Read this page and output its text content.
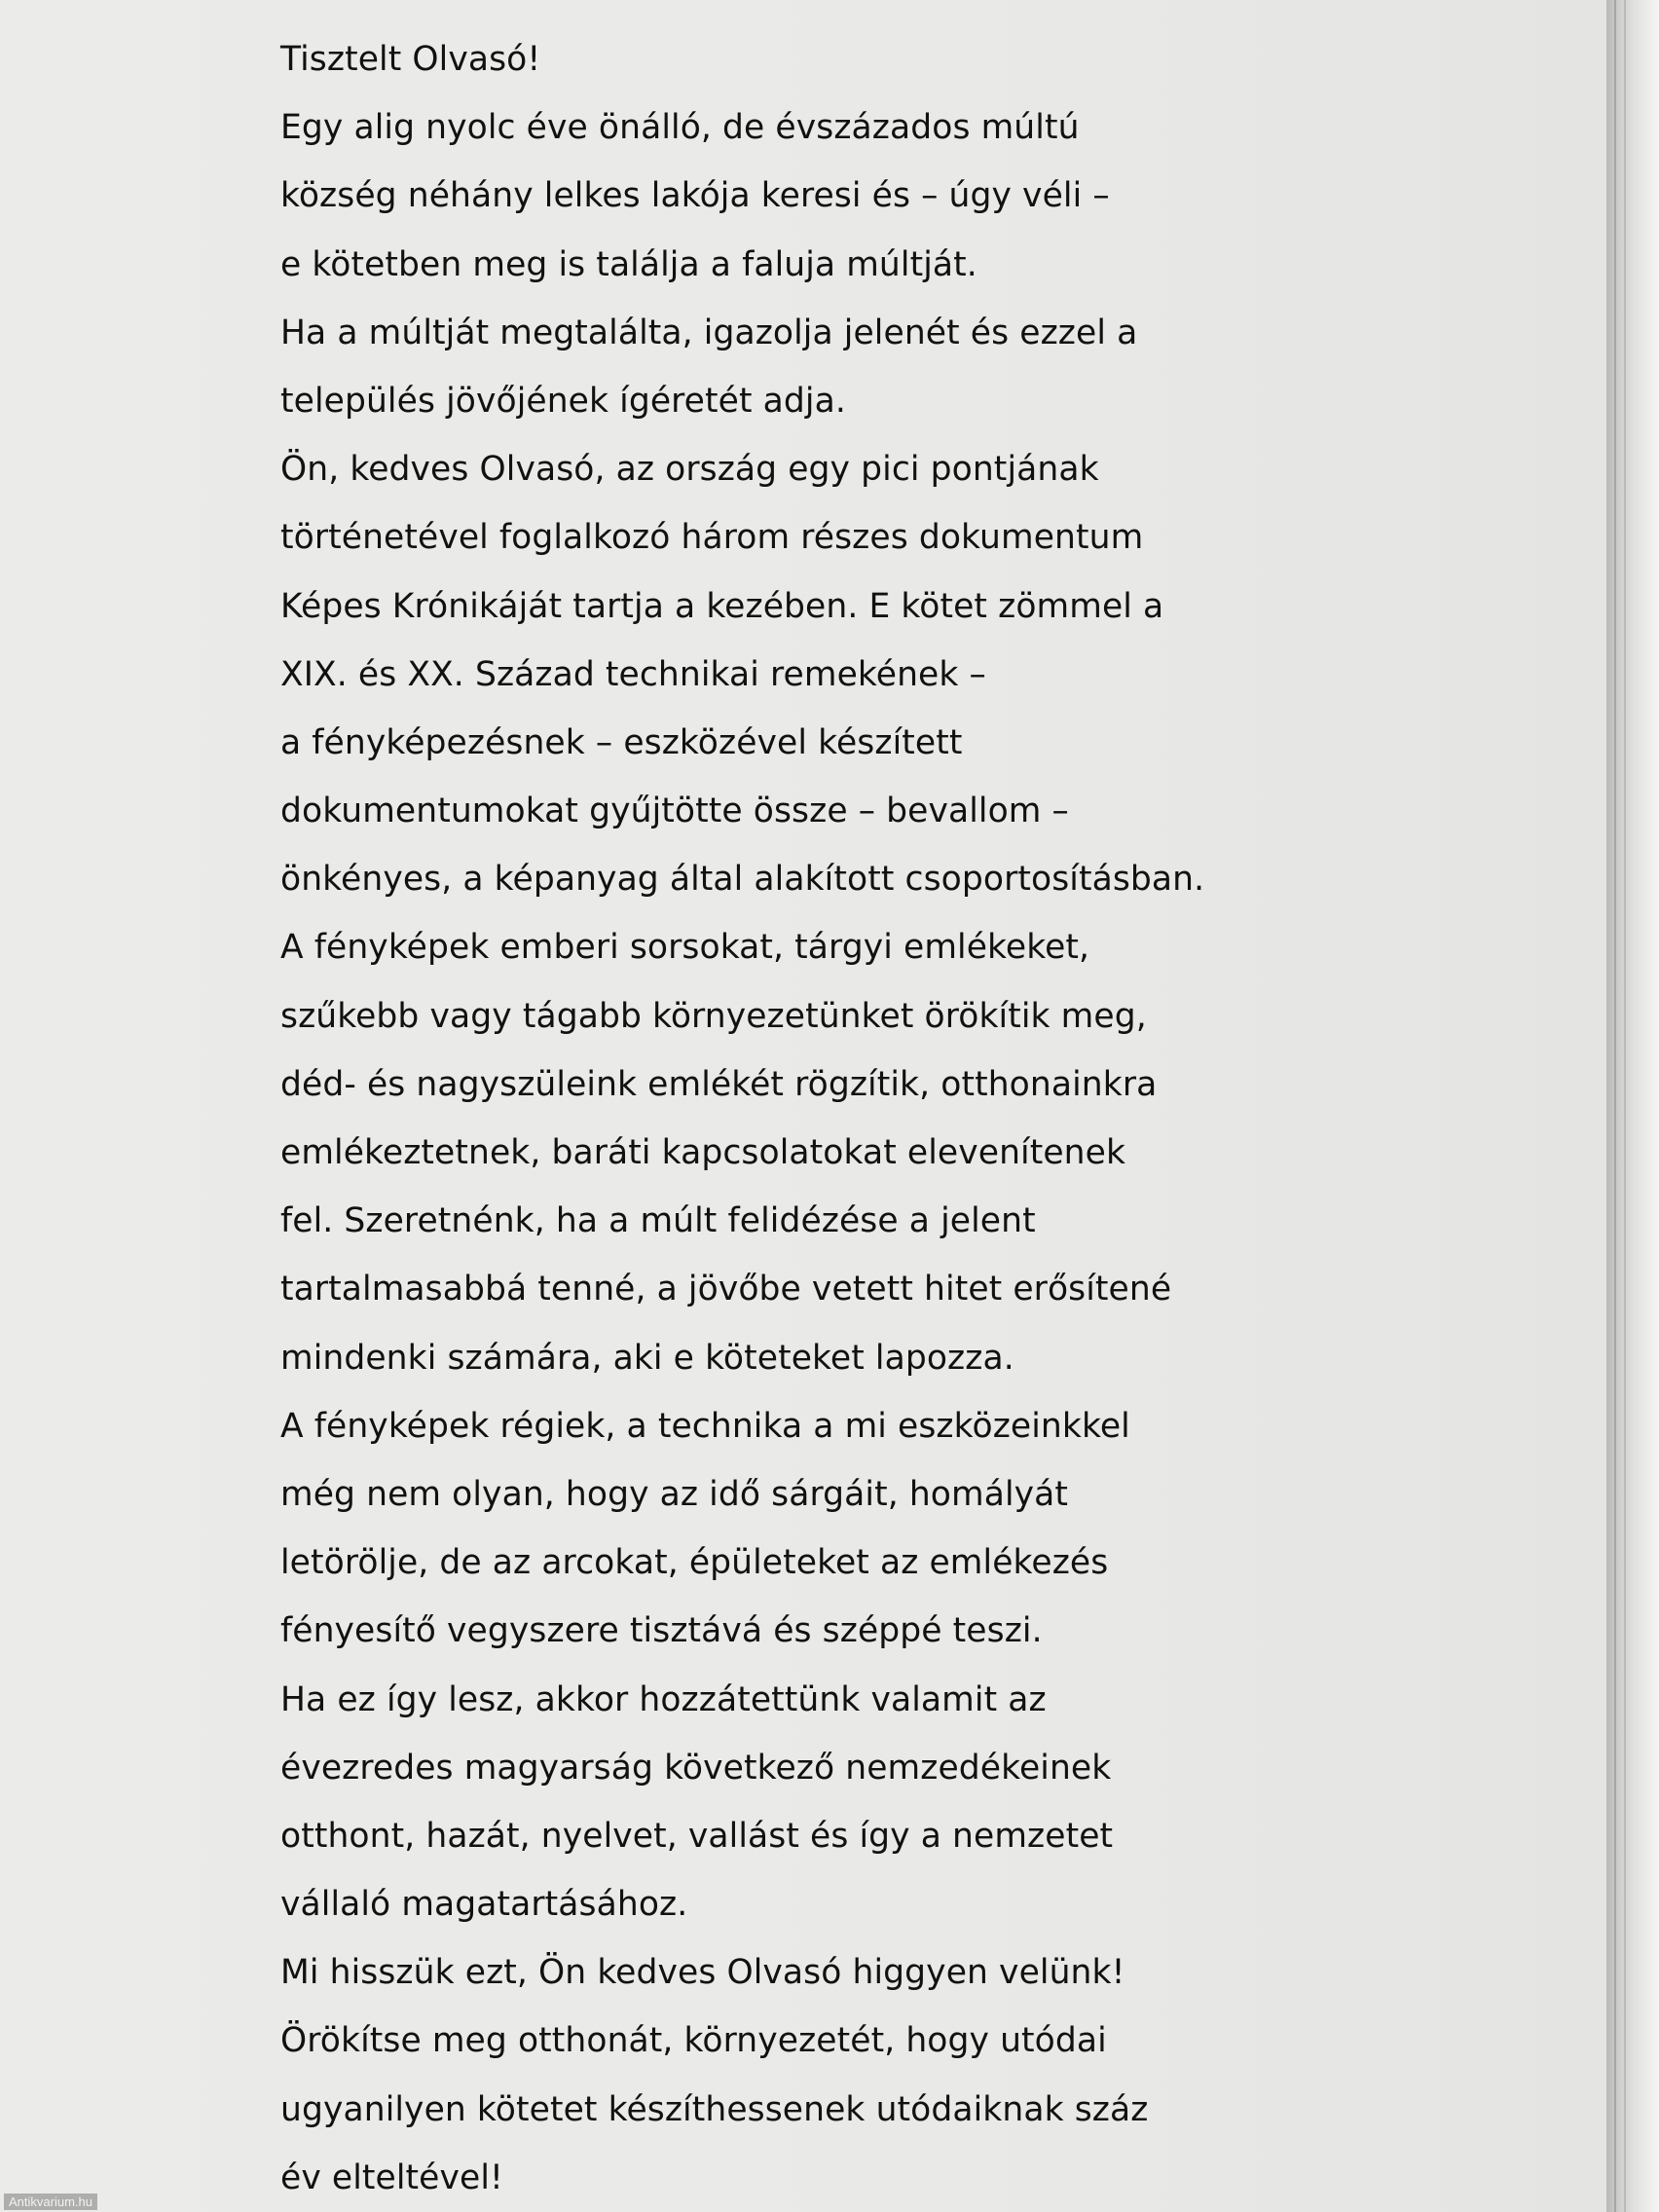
Tisztelt Olvasó!
Egy alig nyolc éve önálló, de évszázados múltú
község néhány lelkes lakója keresi és – úgy véli –
e kötetben meg is találja a faluja múltját.
Ha a múltját megtalálta, igazolja jelenét és ezzel a
település jövőjének ígéretét adja.
Ön, kedves Olvasó, az ország egy pici pontjának
történetével foglalkozó három részes dokumentum
Képes Krónikáját tartja a kezében. E kötet zömmel a
XIX. és XX. Század technikai remekének –
a fényképezésnek – eszközével készített
dokumentumokat gyűjtötte össze – bevallom –
önkényes, a képanyag által alakított csoportosításban.
A fényképek emberi sorsokat, tárgyi emlékeket,
szűkebb vagy tágabb környezetünket örökítik meg,
déd- és nagyszüleink emlékét rögzítik, otthonainkra
emlékeztetnek, baráti kapcsolatokat elevenítenek
fel. Szeretnénk, ha a múlt felidézése a jelent
tartalmasabbá tenné, a jövőbe vetett hitet erősítené
mindenki számára, aki e köteteket lapozza.
A fényképek régiek, a technika a mi eszközeinkkel
még nem olyan, hogy az idő sárgáit, homályát
letörölje, de az arcokat, épületeket az emlékezés
fényesítő vegyszere tisztává és széppé teszi.
Ha ez így lesz, akkor hozzátettünk valamit az
évezredes magyarság következő nemzedékeinek
otthont, hazát, nyelvet, vallást és így a nemzetet
vállaló magatartásához.
Mi hisszük ezt, Ön kedves Olvasó higgyen velünk!
Örökítse meg otthonát, környezetét, hogy utódai
ugyanilyen kötetet készíthessenek utódaiknak száz
év elteltével!
Antikvarium.hu
